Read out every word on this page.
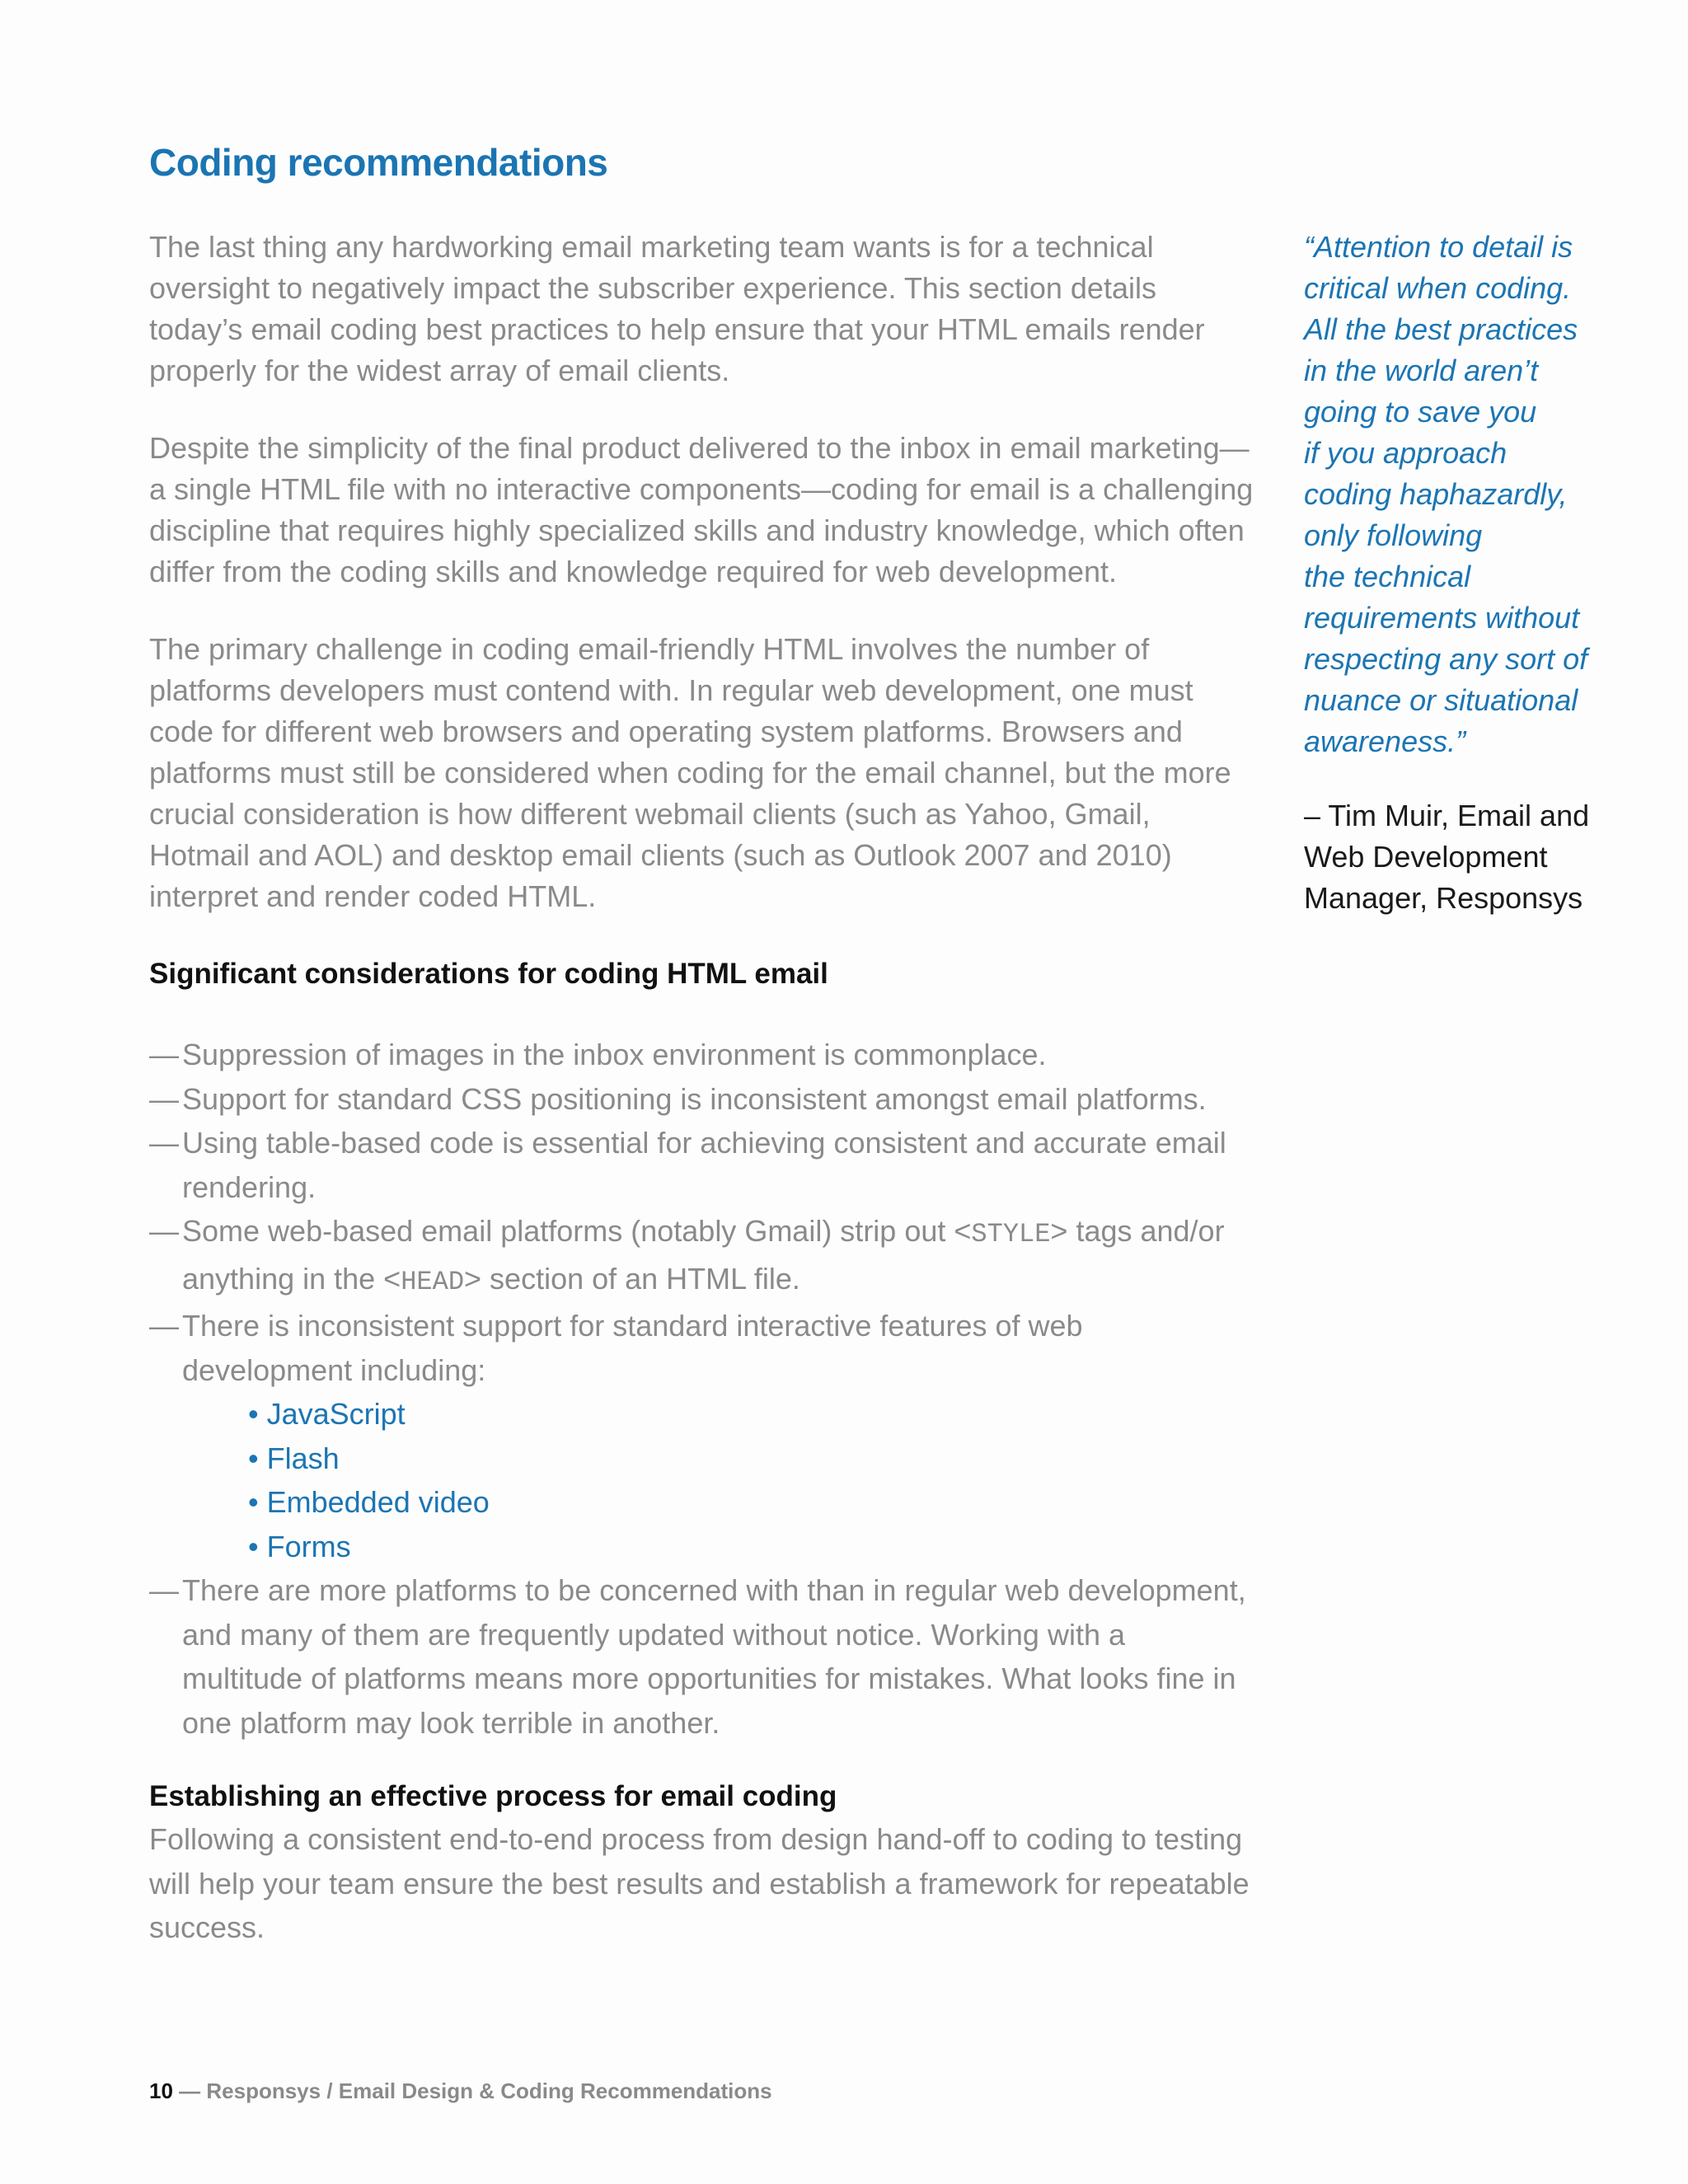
Coding recommendations

The last thing any hardworking email marketing team wants is for a technical oversight to negatively impact the subscriber experience. This section details today’s email coding best practices to help ensure that your HTML emails render properly for the widest array of email clients.

Despite the simplicity of the final product delivered to the inbox in email marketing—a single HTML file with no interactive components—coding for email is a challenging discipline that requires highly specialized skills and industry knowledge, which often differ from the coding skills and knowledge required for web development.

The primary challenge in coding email-friendly HTML involves the number of platforms developers must contend with. In regular web development, one must code for different web browsers and operating system platforms. Browsers and platforms must still be considered when coding for the email channel, but the more crucial consideration is how different webmail clients (such as Yahoo, Gmail, Hotmail and AOL) and desktop email clients (such as Outlook 2007 and 2010) interpret and render coded HTML.

Significant considerations for coding HTML email
— Suppression of images in the inbox environment is commonplace.
— Support for standard CSS positioning is inconsistent amongst email platforms.
— Using table-based code is essential for achieving consistent and accurate email rendering.
— Some web-based email platforms (notably Gmail) strip out <STYLE> tags and/or anything in the <HEAD> section of an HTML file.
— There is inconsistent support for standard interactive features of web development including:
• JavaScript
• Flash
• Embedded video
• Forms
— There are more platforms to be concerned with than in regular web development, and many of them are frequently updated without notice. Working with a multitude of platforms means more opportunities for mistakes. What looks fine in one platform may look terrible in another.
Establishing an effective process for email coding

Following a consistent end-to-end process from design hand-off to coding to testing will help your team ensure the best results and establish a framework for repeatable success.

“Attention to detail is
critical when coding.
All the best practices
in the world aren’t
going to save you
if you approach
coding haphazardly,
only following
the technical
requirements without
respecting any sort of
nuance or situational
awareness.”

– Tim Muir, Email and
Web Development
Manager, Responsys

10 — Responsys / Email Design & Coding Recommendations
